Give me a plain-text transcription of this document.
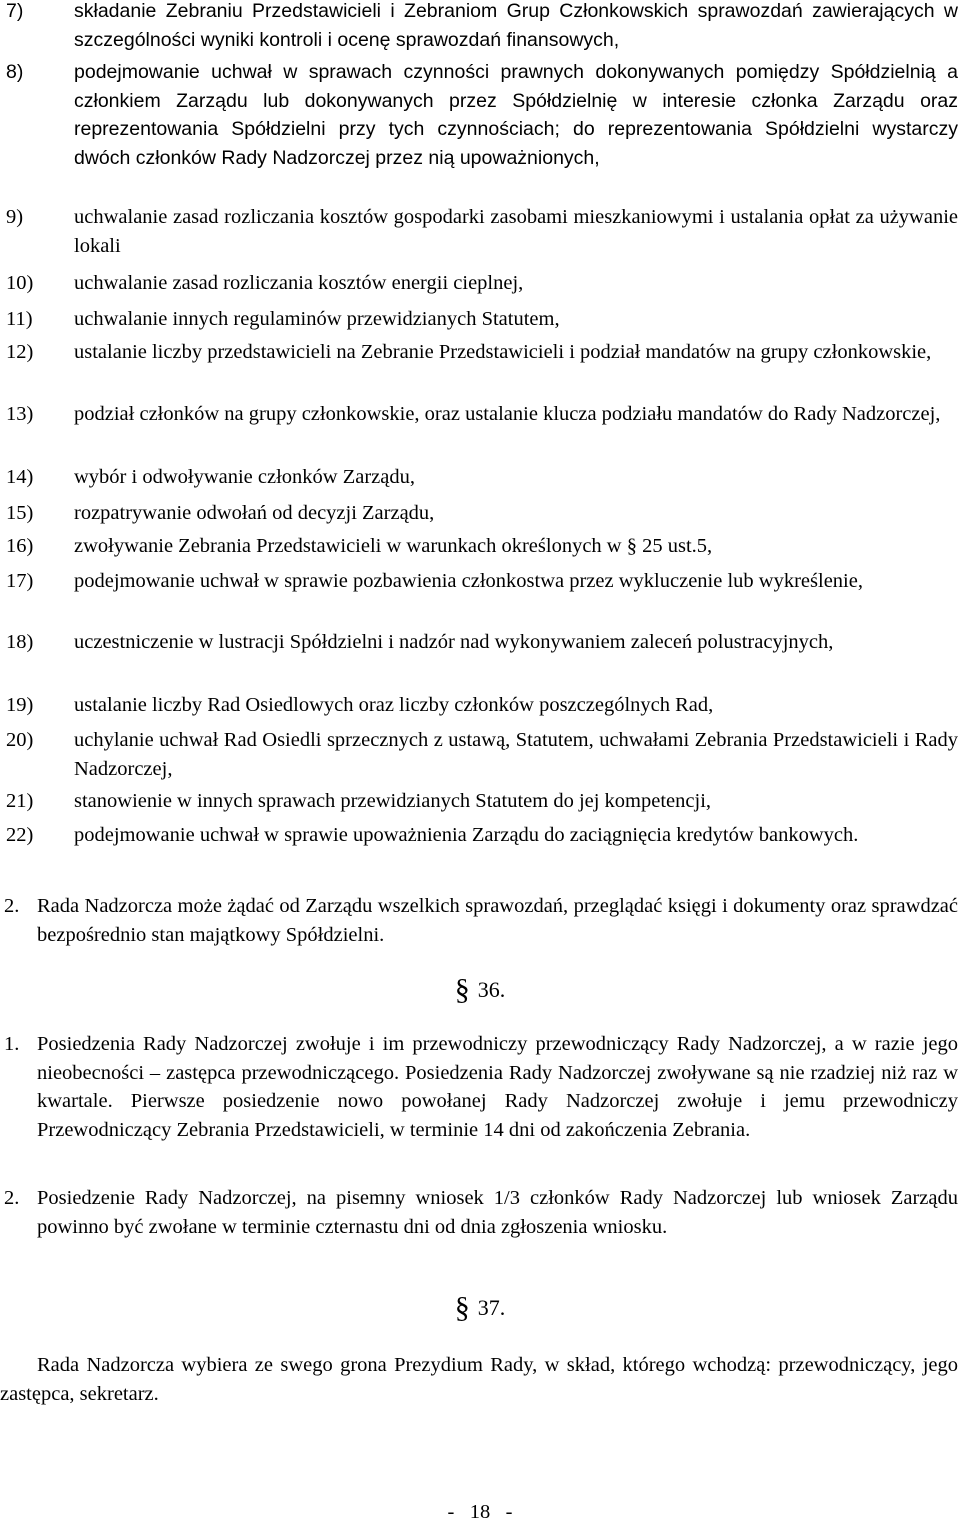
7)	składanie Zebraniu Przedstawicieli i Zebraniom Grup Członkowskich sprawozdań zawierających w szczególności wyniki kontroli i ocenę sprawozdań finansowych,
8)	podejmowanie uchwał w sprawach czynności prawnych dokonywanych pomiędzy Spółdzielnią a członkiem Zarządu lub dokonywanych przez Spółdzielnię w interesie członka Zarządu oraz reprezentowania Spółdzielni przy tych czynnościach; do reprezentowania Spółdzielni wystarczy dwóch członków Rady Nadzorczej przez nią upoważnionych,
9) uchwalanie zasad rozliczania kosztów gospodarki zasobami mieszkaniowymi i ustalania opłat za używanie lokali
10) uchwalanie zasad rozliczania kosztów energii cieplnej,
11) uchwalanie innych regulaminów przewidzianych Statutem,
12) ustalanie liczby przedstawicieli na Zebranie Przedstawicieli i podział mandatów na grupy członkowskie,
13) podział członków na grupy członkowskie, oraz ustalanie klucza podziału mandatów do Rady Nadzorczej,
14) wybór i odwoływanie członków Zarządu,
15) rozpatrywanie odwołań od decyzji Zarządu,
16) zwoływanie Zebrania Przedstawicieli w warunkach określonych w § 25 ust.5,
17) podejmowanie uchwał w sprawie pozbawienia członkostwa przez wykluczenie lub wykreślenie,
18) uczestniczenie w lustracji Spółdzielni i nadzór nad wykonywaniem zaleceń polustracyjnych,
19) ustalanie liczby Rad Osiedlowych oraz liczby członków poszczególnych Rad,
20) uchylanie uchwał Rad Osiedli sprzecznych z ustawą, Statutem, uchwałami Zebrania Przedstawicieli i Rady Nadzorczej,
21) stanowienie w innych sprawach przewidzianych Statutem do jej kompetencji,
22) podejmowanie uchwał w sprawie upoważnienia Zarządu do zaciągnięcia kredytów bankowych.
2. Rada Nadzorcza może żądać od Zarządu wszelkich sprawozdań, przeglądać księgi i dokumenty oraz sprawdzać bezpośrednio stan majątkowy Spółdzielni.
§ 36.
1. Posiedzenia Rady Nadzorczej zwołuje i im przewodniczy przewodniczący Rady Nadzorczej, a w razie jego nieobecności – zastępca przewodniczącego. Posiedzenia Rady Nadzorczej zwoływane są nie rzadziej niż raz w kwartale. Pierwsze posiedzenie nowo powołanej Rady Nadzorczej zwołuje i jemu przewodniczy Przewodniczący Zebrania Przedstawicieli, w terminie 14 dni od zakończenia Zebrania.
2. Posiedzenie Rady Nadzorczej, na pisemny wniosek 1/3 członków Rady Nadzorczej lub wniosek Zarządu powinno być zwołane w terminie czternastu dni od dnia zgłoszenia wniosku.
§ 37.
Rada Nadzorcza wybiera ze swego grona Prezydium Rady, w skład, którego wchodzą: przewodniczący, jego zastępca, sekretarz.
-   18   -
